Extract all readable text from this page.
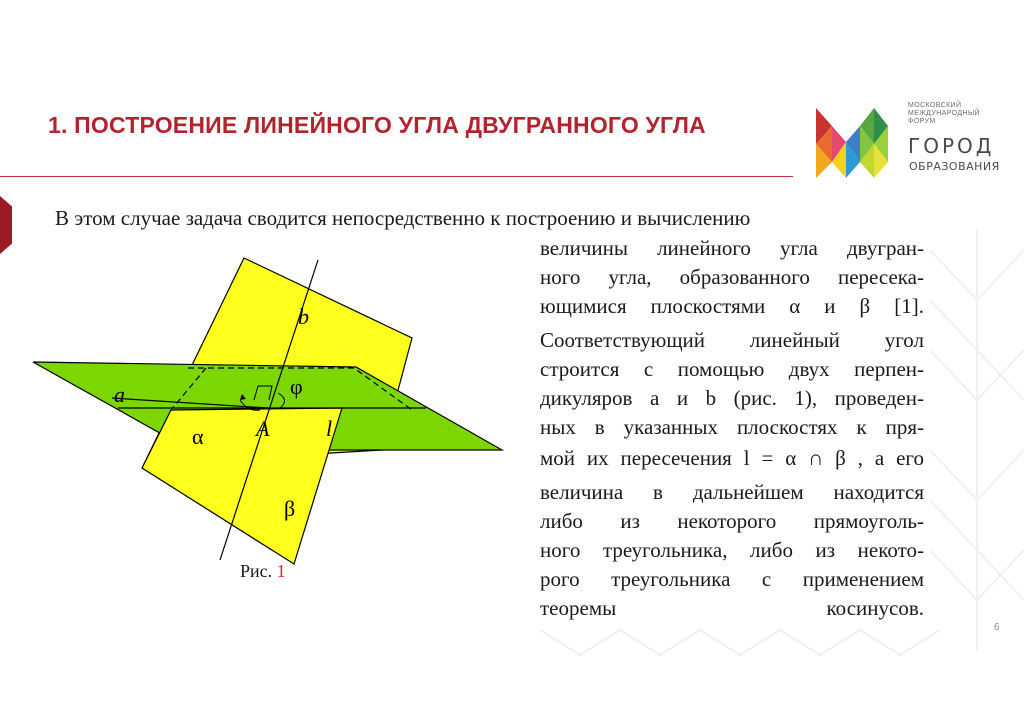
1. ПОСТРОЕНИЕ ЛИНЕЙНОГО УГЛА ДВУГРАННОГО УГЛА
МОСКОВСКИЙ МЕЖДУНАРОДНЫЙ ФОРУМ
ГОРОД
ОБРАЗОВАНИЯ
В этом случае задача сводится непосредственно к построению и вычислению
величины линейного угла двугран-
ного угла, образованного пересека-
ющимися плоскостями α и β [1].
Соответствующий линейный угол
строится с помощью двух перпен-
дикуляров a и b (рис. 1), проведен-
ных в указанных плоскостях к пря-
мой их пересечения l = α ∩ β , а его
величина в дальнейшем находится
либо из некоторого прямоуголь-
ного треугольника, либо из некото-
рого треугольника с применением
теоремы косинусов.
b
φ
a
A	l
α
β
Рис. 1
6
